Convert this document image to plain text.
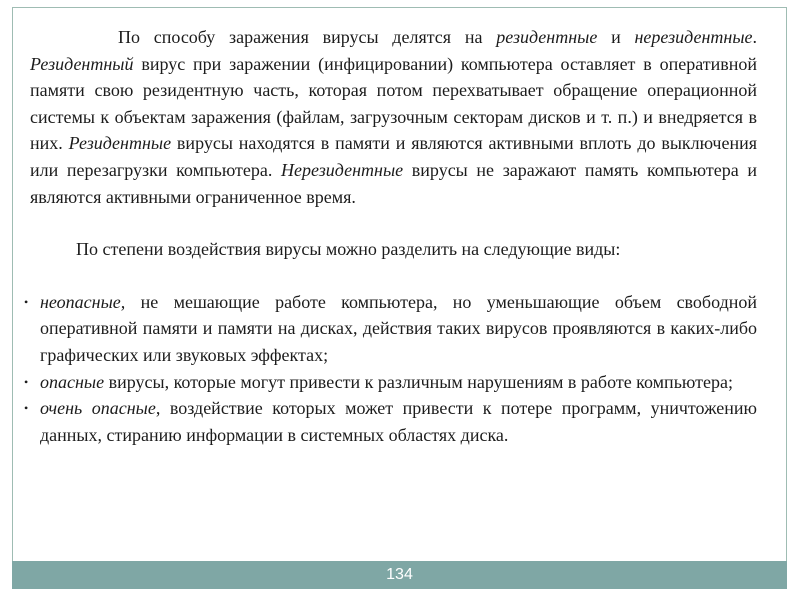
По способу заражения вирусы делятся на резидентные и нерезидентные. Резидентный вирус при заражении (инфицировании) компьютера оставляет в оперативной памяти свою резидентную часть, которая потом перехватывает обращение операционной системы к объектам заражения (файлам, загрузочным секторам дисков и т. п.) и внедряется в них. Резидентные вирусы находятся в памяти и являются активными вплоть до выключения или перезагрузки компьютера. Нерезидентные вирусы не заражают память компьютера и являются активными ограниченное время.

По степени воздействия вирусы можно разделить на следующие виды:

• неопасные, не мешающие работе компьютера, но уменьшающие объем свободной оперативной памяти и памяти на дисках, действия таких вирусов проявляются в каких-либо графических или звуковых эффектах;

• опасные вирусы, которые могут привести к различным нарушениям в работе компьютера;

• очень опасные, воздействие которых может привести к потере программ, уничтожению данных, стиранию информации в системных областях диска.

134
